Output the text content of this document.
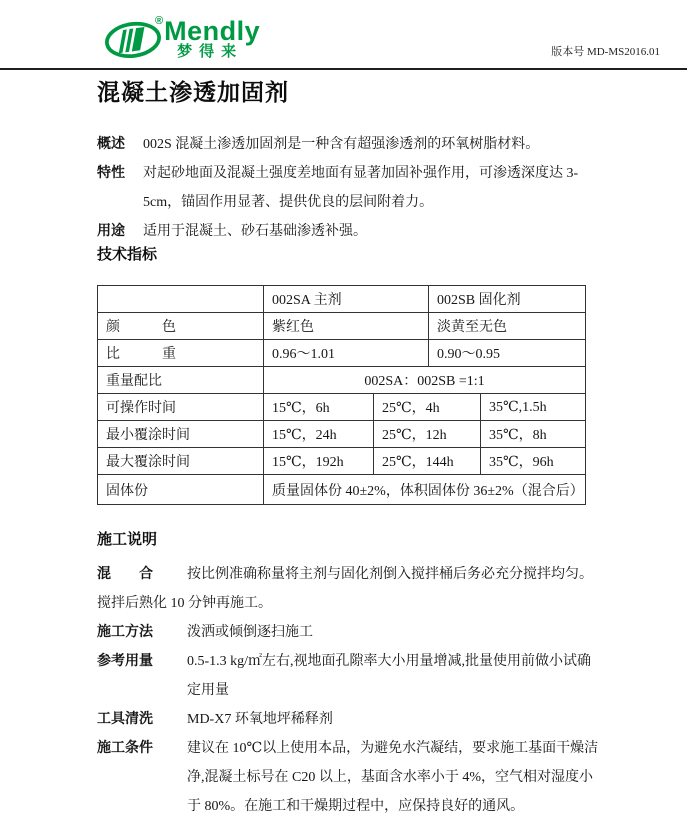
® Mendly
梦得来	版本号 MD-MS2016.01
混凝土渗透加固剂
概述	002S 混凝土渗透加固剂是一种含有超强渗透剂的环氧树脂材料。
特性	对起砂地面及混凝土强度差地面有显著加固补强作用，可渗透深度达 3-5cm，锚固作用显著、提供优良的层间附着力。
用途	适用于混凝土、砂石基础渗透补强。
技术指标
	002SA 主剂		002SB 固化剂	
颜　　　色	紫红色		淡黄至无色	
比　　　重	0.96～1.01		0.90～0.95	
重量配比	002SA：002SB =1:1			
可操作时间	15℃，6h	25℃，4h		35℃,1.5h
最小覆涂时间	15℃，24h	25℃，12h		35℃，8h
最大覆涂时间	15℃，192h	25℃，144h		35℃，96h
固体份	质量固体份 40±2%，体积固体份 36±2%（混合后）			
施工说明

混　　合 按比例准确称量将主剂与固化剂倒入搅拌桶后务必充分搅拌均匀。搅拌后熟化 10 分钟再施工。

施工方法	泼洒或倾倒逐扫施工
参考用量	0.5-1.3 kg/㎡左右,视地面孔隙率大小用量增减,批量使用前做小试确定用量
工具清洗	MD-X7 环氧地坪稀释剂
施工条件	建议在 10℃以上使用本品，为避免水汽凝结，要求施工基面干燥洁净,混凝土标号在 C20 以上，基面含水率小于 4%，空气相对湿度小于 80%。在施工和干燥期过程中，应保持良好的通风。
